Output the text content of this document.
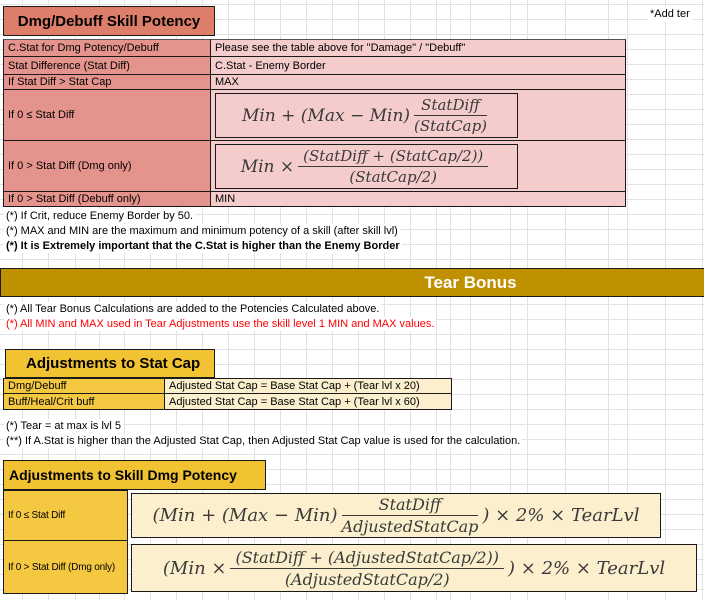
*Add ter
Dmg/Debuff Skill Potency
C.Stat for Dmg Potency/Debuff	Please see the table above for "Damage" / "Debuff"
Stat Difference (Stat Diff)	C.Stat - Enemy Border
If Stat Diff > Stat Cap	MAX
If 0 ≤ Stat Diff	Min + $(Max - Min) \frac{\text{StatDiff}}{\text{(StatCap)}}$
If 0 > Stat Diff (Dmg only)	Min × $\frac{\text{(StatDiff + (StatCap/2))}}{\text{(StatCap/2)}}$
If 0 > Stat Diff (Debuff only)	MIN
(*) If Crit, reduce Enemy Border by 50.
(*) MAX and MIN are the maximum and minimum potency of a skill (after skill lvl)
(*) It is Extremely important that the C.Stat is higher than the Enemy Border
Tear Bonus
(*) All Tear Bonus Calculations are added to the Potencies Calculated above.
(*) All MIN and MAX used in Tear Adjustments use the skill level 1 MIN and MAX values.
Adjustments to Stat Cap
Dmg/Debuff	Adjusted Stat Cap = Base Stat Cap + (Tear lvl x 20)
Buff/Heal/Crit buff	Adjusted Stat Cap = Base Stat Cap + (Tear lvl x 60)
(*) Tear = at max is lvl 5
(**) If A.Stat is higher than the Adjusted Stat Cap, then Adjusted Stat Cap value is used for the calculation.
Adjustments to Skill Dmg Potency
If 0 ≤ Stat Diff	($Min + (Max - Min) \frac{\text{StatDiff}}{\text{AdjustedStatCap}}$ ) × 2% × TearLvl
If 0 > Stat Diff (Dmg only)	($Min \times \frac{\text{(StatDiff + (AdjustedStatCap/2))}}{\text{(AdjustedStatCap/2)}}$ ) × 2% × TearLvl
